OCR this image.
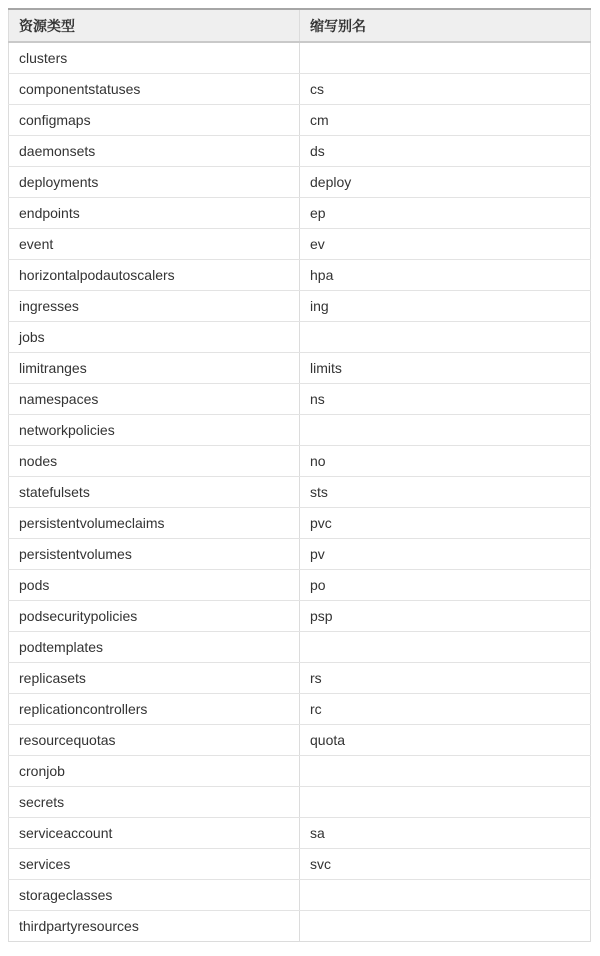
资源类型	缩写别名
clusters	
componentstatuses	cs
configmaps	cm
daemonsets	ds
deployments	deploy
endpoints	ep
event	ev
horizontalpodautoscalers	hpa
ingresses	ing
jobs	
limitranges	limits
namespaces	ns
networkpolicies	
nodes	no
statefulsets	sts
persistentvolumeclaims	pvc
persistentvolumes	pv
pods	po
podsecuritypolicies	psp
podtemplates	
replicasets	rs
replicationcontrollers	rc
resourcequotas	quota
cronjob	
secrets	
serviceaccount	sa
services	svc
storageclasses	
thirdpartyresources	
